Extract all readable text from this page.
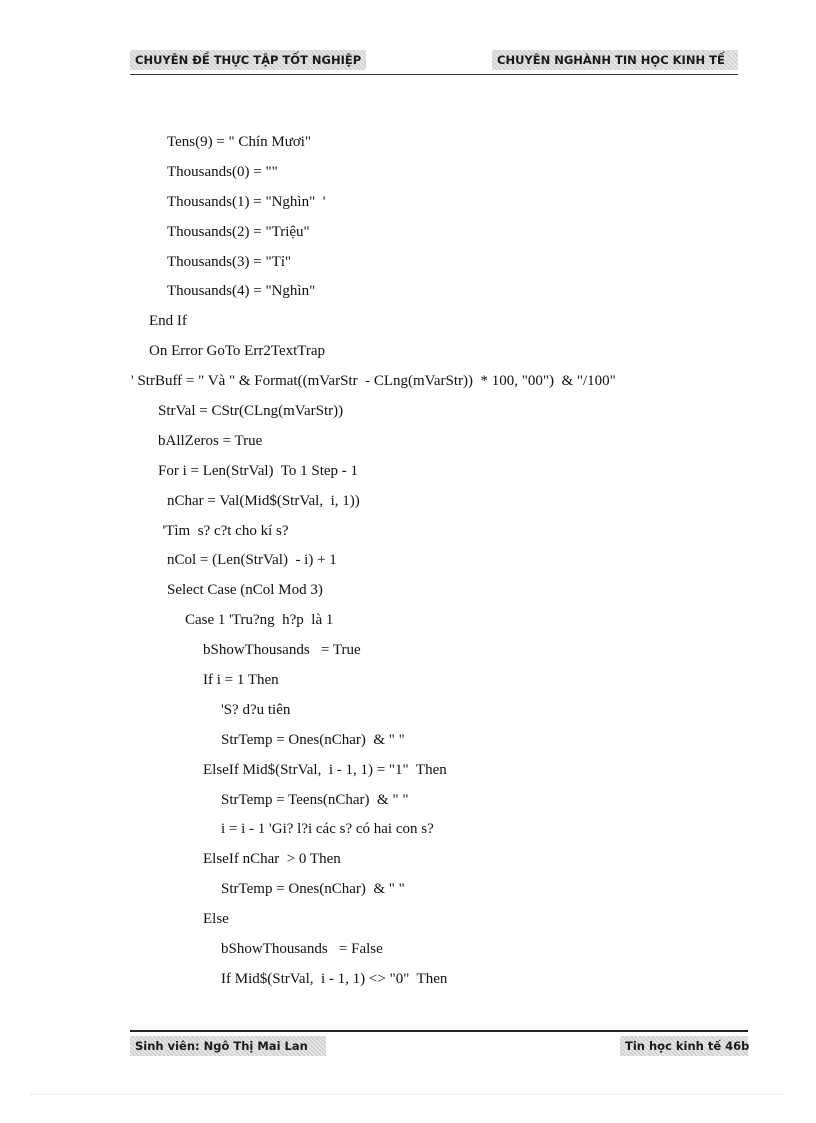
CHUYÊN ĐỀ THỰC TẬP TỐT NGHIỆP	CHUYÊN NGHÀNH TIN HỌC KINH TẾ
Tens(9) = " Chín Mươi"
Thousands(0) = ""
Thousands(1) = "Nghìn"  '
Thousands(2) = "Triệu"
Thousands(3) = "Tỉ"
Thousands(4) = "Nghìn"
End If
On Error GoTo Err2TextTrap
' StrBuff = " Và " & Format((mVarStr  - CLng(mVarStr))  * 100, "00")  & "/100"
StrVal = CStr(CLng(mVarStr))
bAllZeros = True
For i = Len(StrVal)  To 1 Step - 1
nChar = Val(Mid$(StrVal,  i, 1))
'Tìm  s? c?t cho kí s?
nCol = (Len(StrVal)  - i) + 1
Select Case (nCol Mod 3)
Case 1 'Tru?ng  h?p  là 1
bShowThousands   = True
If i = 1 Then
'S? d?u tiên
StrTemp = Ones(nChar)  & " "
ElseIf Mid$(StrVal,  i - 1, 1) = "1"  Then
StrTemp = Teens(nChar)  & " "
i = i - 1 'Gi? l?i các s? có hai con s?
ElseIf nChar  > 0 Then
StrTemp = Ones(nChar)  & " "
Else
bShowThousands   = False
If Mid$(StrVal,  i - 1, 1) <> "0"  Then
Sinh viên: Ngô Thị Mai Lan	Tin học kinh tế 46b
